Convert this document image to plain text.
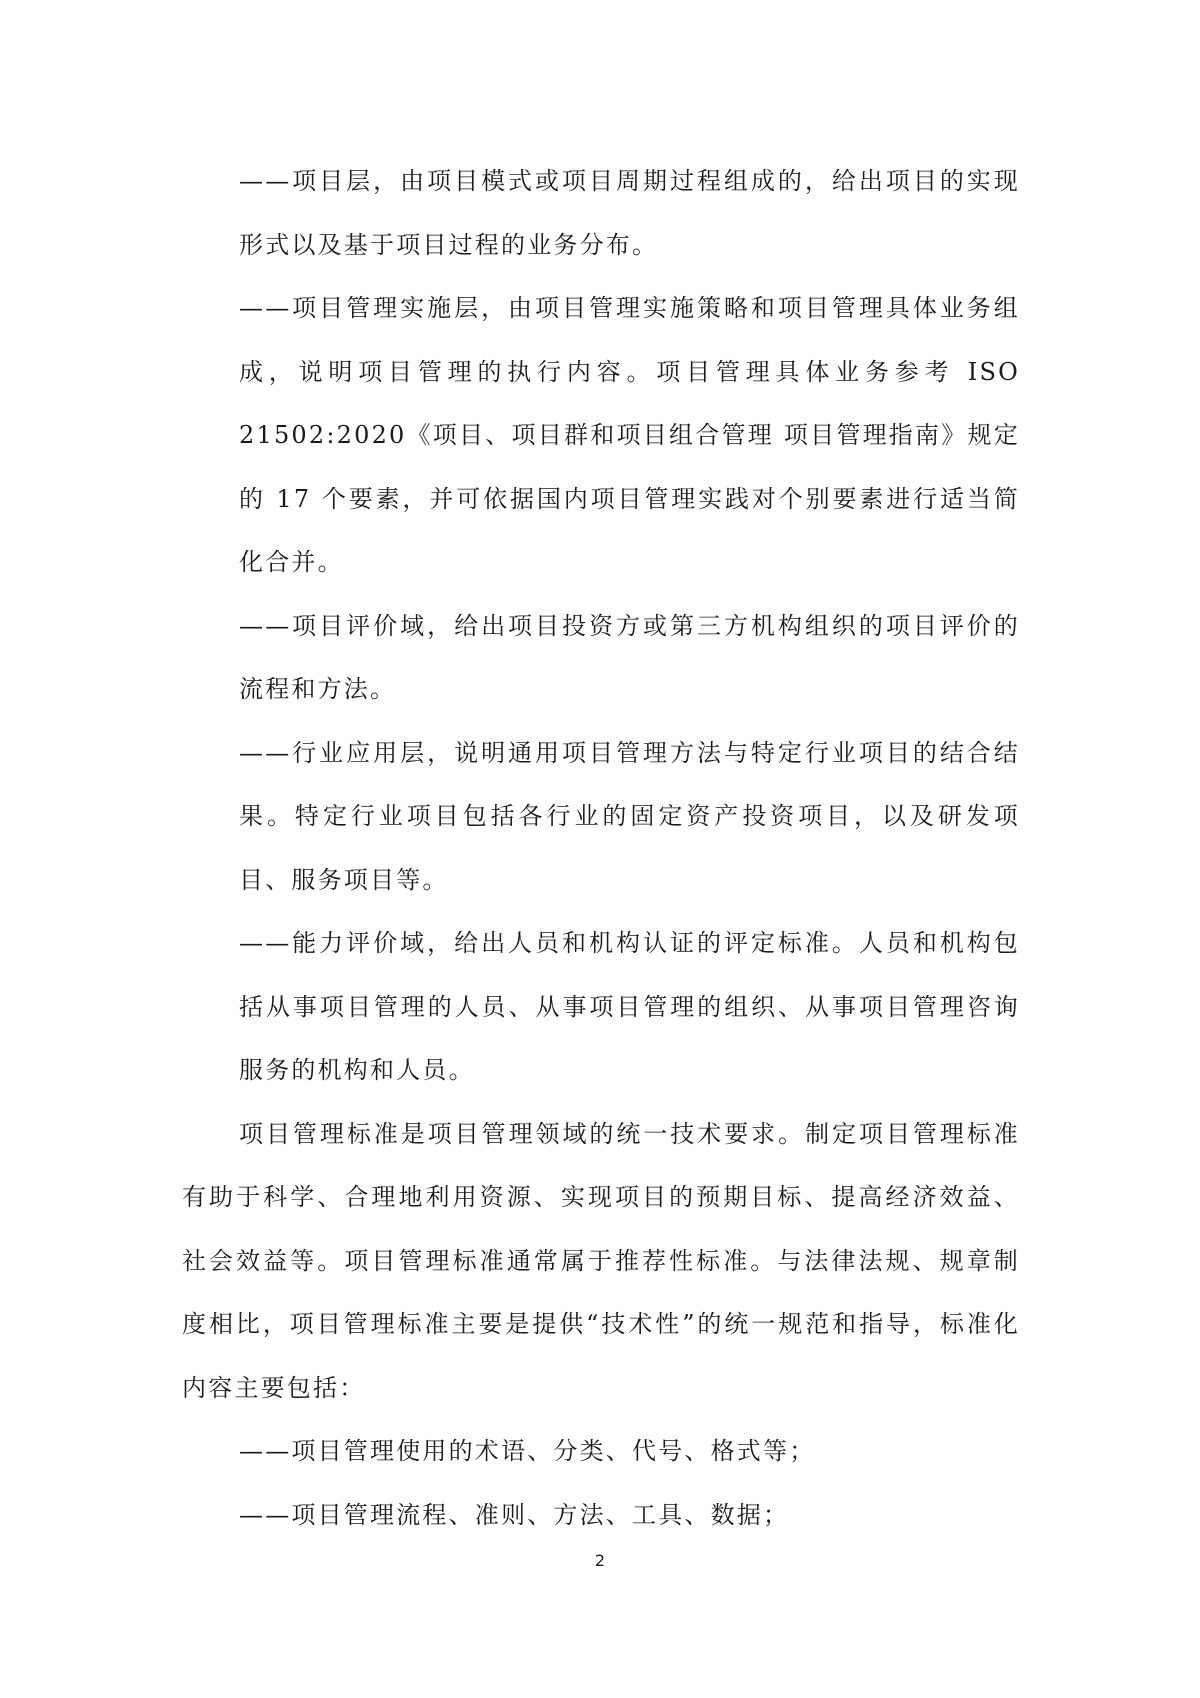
——项目层，由项目模式或项目周期过程组成的，给出项目的实现形式以及基于项目过程的业务分布。

——项目管理实施层，由项目管理实施策略和项目管理具体业务组成，说明项目管理的执行内容。项目管理具体业务参考 ISO 21502:2020《项目、项目群和项目组合管理 项目管理指南》规定的 17 个要素，并可依据国内项目管理实践对个别要素进行适当简化合并。

——项目评价域，给出项目投资方或第三方机构组织的项目评价的流程和方法。

——行业应用层，说明通用项目管理方法与特定行业项目的结合结果。特定行业项目包括各行业的固定资产投资项目，以及研发项目、服务项目等。

——能力评价域，给出人员和机构认证的评定标准。人员和机构包括从事项目管理的人员、从事项目管理的组织、从事项目管理咨询服务的机构和人员。

项目管理标准是项目管理领域的统一技术要求。制定项目管理标准有助于科学、合理地利用资源、实现项目的预期目标、提高经济效益、社会效益等。项目管理标准通常属于推荐性标准。与法律法规、规章制度相比，项目管理标准主要是提供“技术性”的统一规范和指导，标准化内容主要包括：

——项目管理使用的术语、分类、代号、格式等；

——项目管理流程、准则、方法、工具、数据；

2
